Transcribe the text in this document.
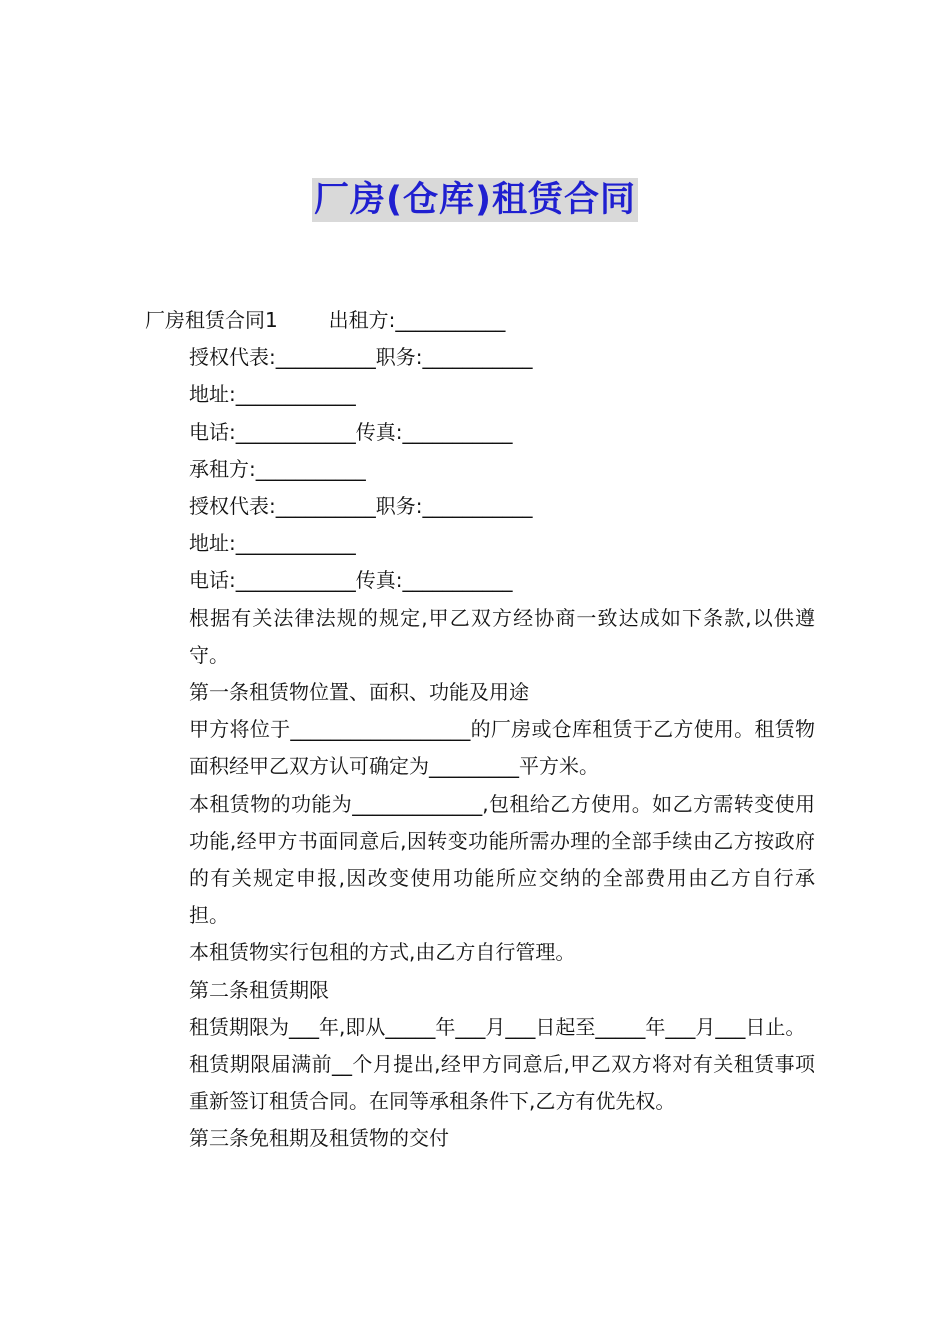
厂房(仓库)租赁合同

厂房租赁合同1        出租方:___________

授权代表:__________职务:___________

地址:____________

电话:____________传真:___________

承租方:___________

授权代表:__________职务:___________

地址:____________

电话:____________传真:___________

根据有关法律法规的规定,甲乙双方经协商一致达成如下条款,以供遵守。

第一条租赁物位置、面积、功能及用途

甲方将位于__________________的厂房或仓库租赁于乙方使用。租赁物面积经甲乙双方认可确定为_________平方米。

本租赁物的功能为_____________,包租给乙方使用。如乙方需转变使用功能,经甲方书面同意后,因转变功能所需办理的全部手续由乙方按政府的有关规定申报,因改变使用功能所应交纳的全部费用由乙方自行承担。

本租赁物实行包租的方式,由乙方自行管理。

第二条租赁期限

租赁期限为___年,即从_____年___月___日起至_____年___月___日止。

租赁期限届满前__个月提出,经甲方同意后,甲乙双方将对有关租赁事项重新签订租赁合同。在同等承租条件下,乙方有优先权。

第三条免租期及租赁物的交付
